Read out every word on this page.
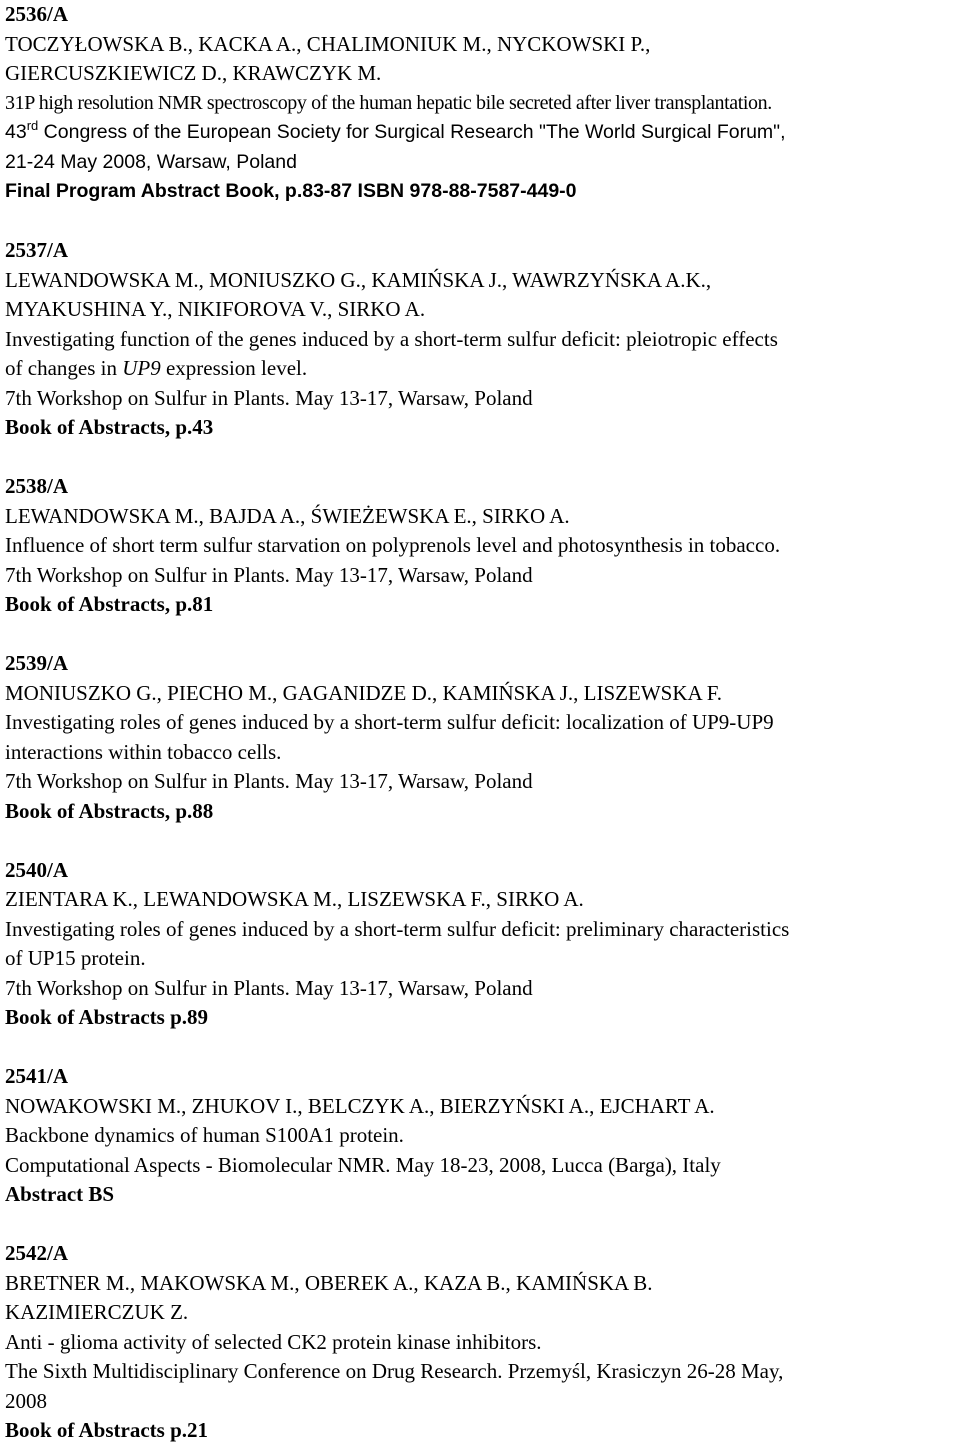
2536/A
TOCZYŁOWSKA B., KACKA A., CHALIMONIUK M., NYCKOWSKI P.,
GIERCUSZKIEWICZ D., KRAWCZYK M.
31P high resolution NMR spectroscopy of the human hepatic bile secreted after liver transplantation.
43rd Congress of the European Society for Surgical Research "The World Surgical Forum",
21-24 May 2008, Warsaw, Poland
Final Program Abstract Book, p.83-87 ISBN 978-88-7587-449-0
2537/A
LEWANDOWSKA M., MONIUSZKO G., KAMIŃSKA J., WAWRZYŃSKA A.K.,
MYAKUSHINA Y., NIKIFOROVA V., SIRKO A.
Investigating function of the genes induced by a short-term sulfur deficit: pleiotropic effects
of changes in UP9 expression level.
7th Workshop on Sulfur in Plants. May 13-17, Warsaw, Poland
Book of Abstracts, p.43
2538/A
LEWANDOWSKA M., BAJDA A., ŚWIEŻEWSKA E., SIRKO A.
Influence of short term sulfur starvation on polyprenols level and photosynthesis in tobacco.
7th Workshop on Sulfur in Plants. May 13-17, Warsaw, Poland
Book of Abstracts, p.81
2539/A
MONIUSZKO G., PIECHO M., GAGANIDZE D., KAMIŃSKA J., LISZEWSKA F.
Investigating roles of genes induced by a short-term sulfur deficit: localization of UP9-UP9
interactions within tobacco cells.
7th Workshop on Sulfur in Plants. May 13-17, Warsaw, Poland
Book of Abstracts, p.88
2540/A
ZIENTARA K., LEWANDOWSKA M., LISZEWSKA F., SIRKO A.
Investigating roles of genes induced by a short-term sulfur deficit: preliminary characteristics
of UP15 protein.
7th Workshop on Sulfur in Plants. May 13-17, Warsaw, Poland
Book of Abstracts p.89
2541/A
NOWAKOWSKI M., ZHUKOV I., BELCZYK A., BIERZYŃSKI A., EJCHART A.
Backbone dynamics of human S100A1 protein.
Computational Aspects - Biomolecular NMR. May 18-23, 2008, Lucca (Barga), Italy
Abstract BS
2542/A
BRETNER M., MAKOWSKA M., OBEREK A., KAZA B., KAMIŃSKA B.
KAZIMIERCZUK Z.
Anti - glioma activity of selected CK2 protein kinase inhibitors.
The Sixth Multidisciplinary Conference on Drug Research. Przemyśl, Krasiczyn 26-28 May,
2008
Book of Abstracts p.21
